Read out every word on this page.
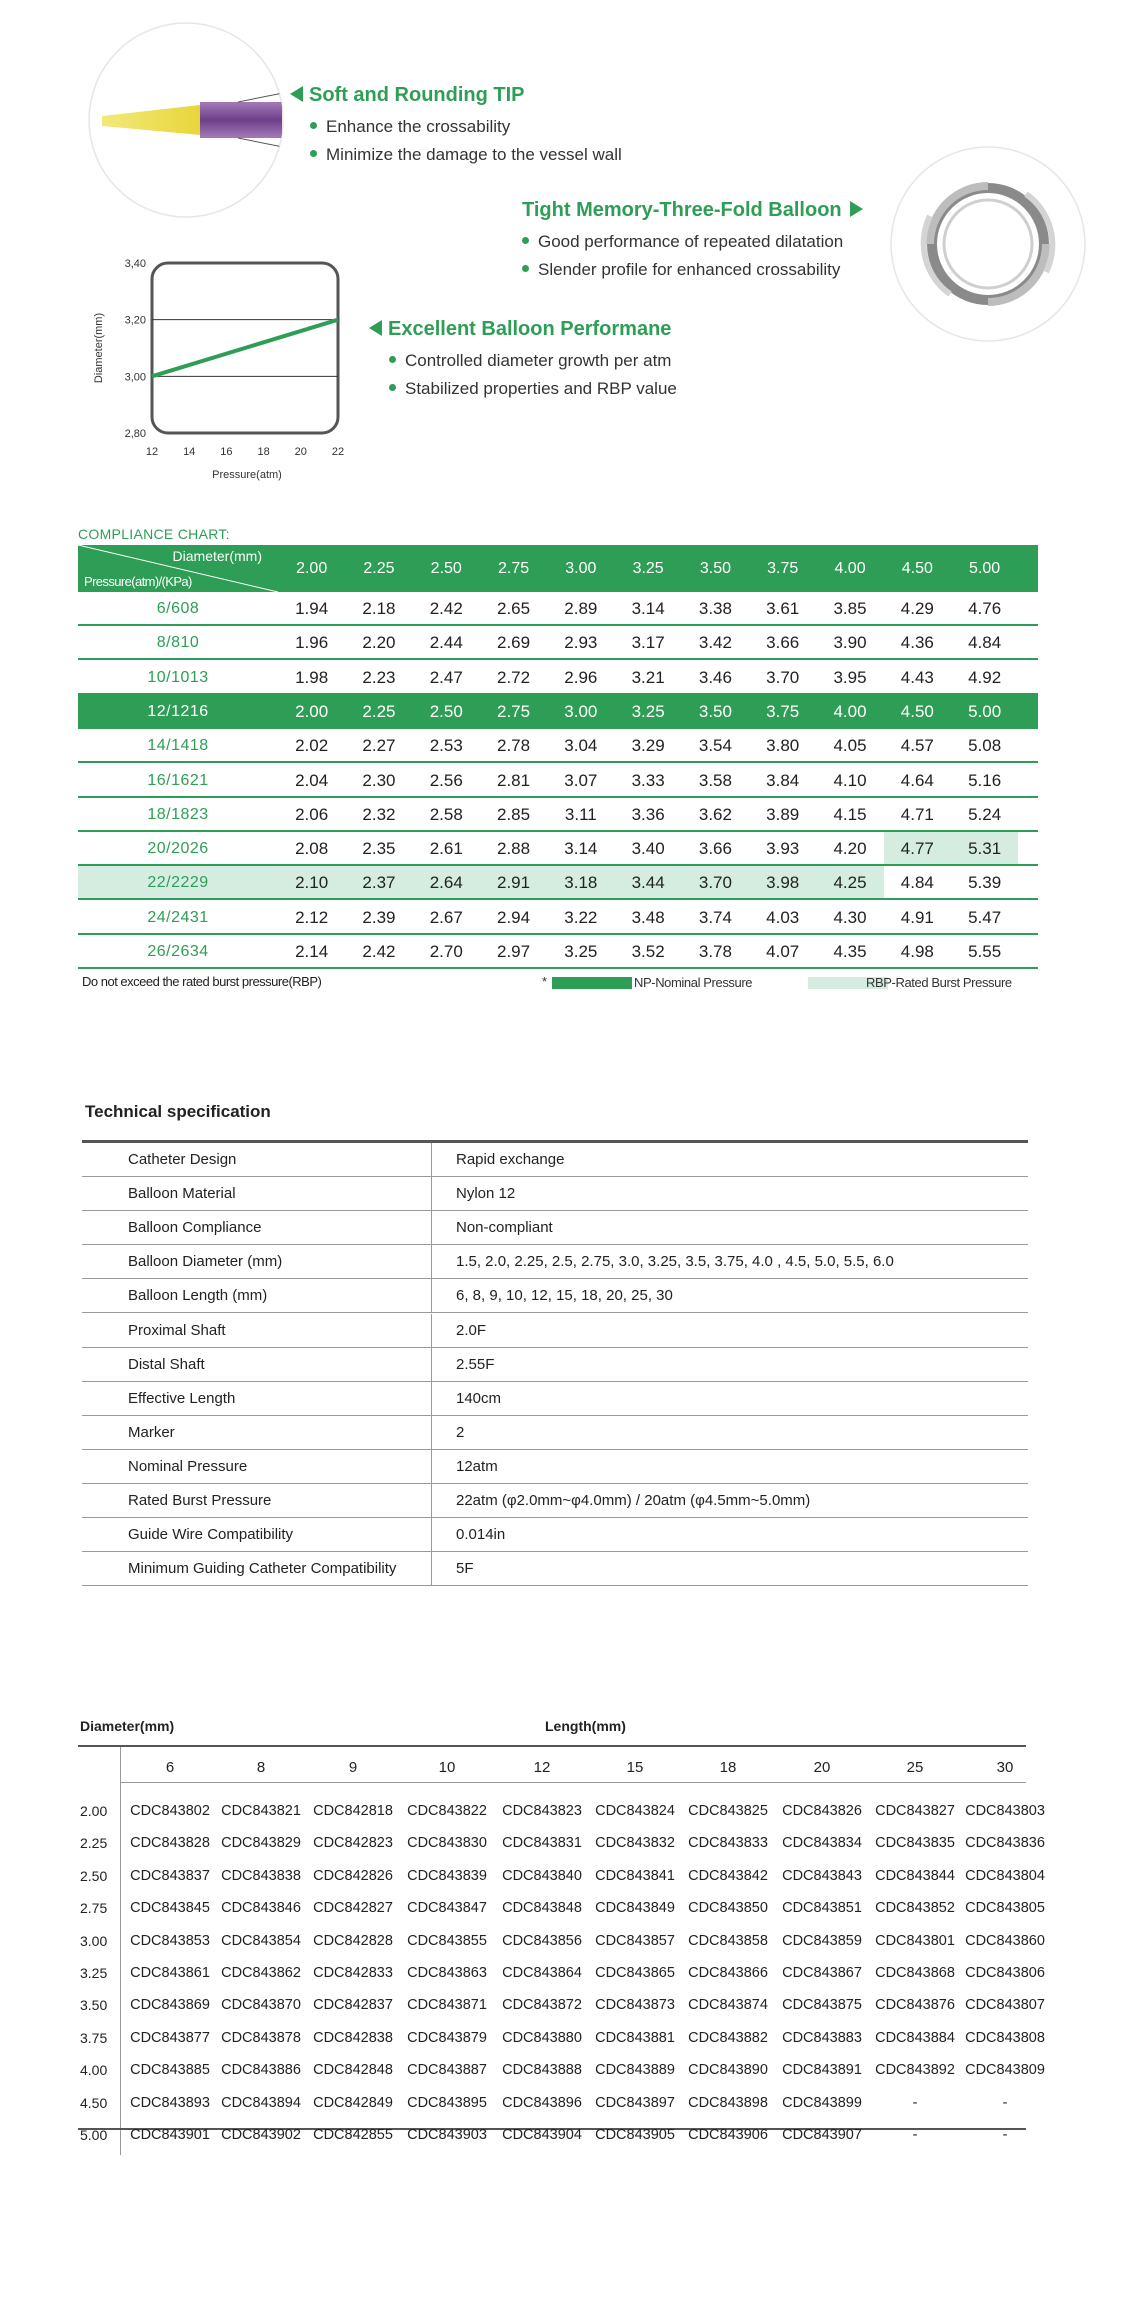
Soft and Rounding TIP
Enhance the crossability
Minimize the damage to the vessel wall
Tight Memory-Three-Fold Balloon
Good performance of repeated dilatation
Slender profile for enhanced crossability
3,40
3,20
3,00
2,80
12 14 16 18 20 22
Diameter(mm)
Pressure(atm)
Excellent Balloon Performane
Controlled diameter growth per atm
Stabilized properties and RBP value
COMPLIANCE CHART:
Diameter(mm)
Pressure(atm)/(KPa)
2.00	2.25	2.50	2.75	3.00	3.25	3.50	3.75	4.00	4.50	5.00
6/608	1.94	2.18	2.42	2.65	2.89	3.14	3.38	3.61	3.85	4.29	4.76
8/810	1.96	2.20	2.44	2.69	2.93	3.17	3.42	3.66	3.90	4.36	4.84
10/1013	1.98	2.23	2.47	2.72	2.96	3.21	3.46	3.70	3.95	4.43	4.92
12/1216	2.00	2.25	2.50	2.75	3.00	3.25	3.50	3.75	4.00	4.50	5.00
14/1418	2.02	2.27	2.53	2.78	3.04	3.29	3.54	3.80	4.05	4.57	5.08
16/1621	2.04	2.30	2.56	2.81	3.07	3.33	3.58	3.84	4.10	4.64	5.16
18/1823	2.06	2.32	2.58	2.85	3.11	3.36	3.62	3.89	4.15	4.71	5.24
20/2026	2.08	2.35	2.61	2.88	3.14	3.40	3.66	3.93	4.20	4.77	5.31
22/2229	2.10	2.37	2.64	2.91	3.18	3.44	3.70	3.98	4.25	4.84	5.39
24/2431	2.12	2.39	2.67	2.94	3.22	3.48	3.74	4.03	4.30	4.91	5.47
26/2634	2.14	2.42	2.70	2.97	3.25	3.52	3.78	4.07	4.35	4.98	5.55
Do not exceed the rated burst pressure(RBP)	*	NP-Nominal Pressure	RBP-Rated Burst Pressure
Technical specification
Catheter Design	Rapid exchange
Balloon Material	Nylon 12
Balloon Compliance	Non-compliant
Balloon Diameter (mm)	1.5, 2.0, 2.25, 2.5, 2.75, 3.0, 3.25, 3.5, 3.75, 4.0 , 4.5, 5.0, 5.5, 6.0
Balloon Length (mm)	6, 8, 9, 10, 12, 15, 18, 20, 25, 30
Proximal Shaft	2.0F
Distal Shaft	2.55F
Effective Length	140cm
Marker	2
Nominal Pressure	12atm
Rated Burst Pressure	22atm (φ2.0mm~φ4.0mm) / 20atm (φ4.5mm~5.0mm)
Guide Wire Compatibility	0.014in
Minimum Guiding Catheter Compatibility	5F
Diameter(mm)	Length(mm)
6	8	9	10	12	15	18	20	25	30
2.00	CDC843802 CDC843821 CDC842818 CDC843822	CDC843823 CDC843824 CDC843825 CDC843826 CDC843827 CDC843803
2.25	CDC843828 CDC843829 CDC842823 CDC843830	CDC843831 CDC843832 CDC843833 CDC843834 CDC843835 CDC843836
2.50	CDC843837 CDC843838 CDC842826 CDC843839	CDC843840 CDC843841 CDC843842 CDC843843 CDC843844 CDC843804
2.75	CDC843845 CDC843846 CDC842827 CDC843847	CDC843848 CDC843849 CDC843850 CDC843851 CDC843852 CDC843805
3.00	CDC843853 CDC843854 CDC842828 CDC843855	CDC843856 CDC843857 CDC843858 CDC843859 CDC843801 CDC843860
3.25	CDC843861 CDC843862 CDC842833 CDC843863	CDC843864 CDC843865 CDC843866 CDC843867 CDC843868 CDC843806
3.50	CDC843869 CDC843870 CDC842837 CDC843871	CDC843872 CDC843873 CDC843874 CDC843875 CDC843876 CDC843807
3.75	CDC843877 CDC843878 CDC842838 CDC843879	CDC843880 CDC843881 CDC843882 CDC843883 CDC843884 CDC843808
4.00	CDC843885 CDC843886 CDC842848 CDC843887	CDC843888 CDC843889 CDC843890 CDC843891 CDC843892 CDC843809
4.50	CDC843893 CDC843894 CDC842849 CDC843895	CDC843896 CDC843897 CDC843898 CDC843899	-	-
5.00	CDC843901 CDC843902 CDC842855 CDC843903	CDC843904 CDC843905 CDC843906 CDC843907	-	-
